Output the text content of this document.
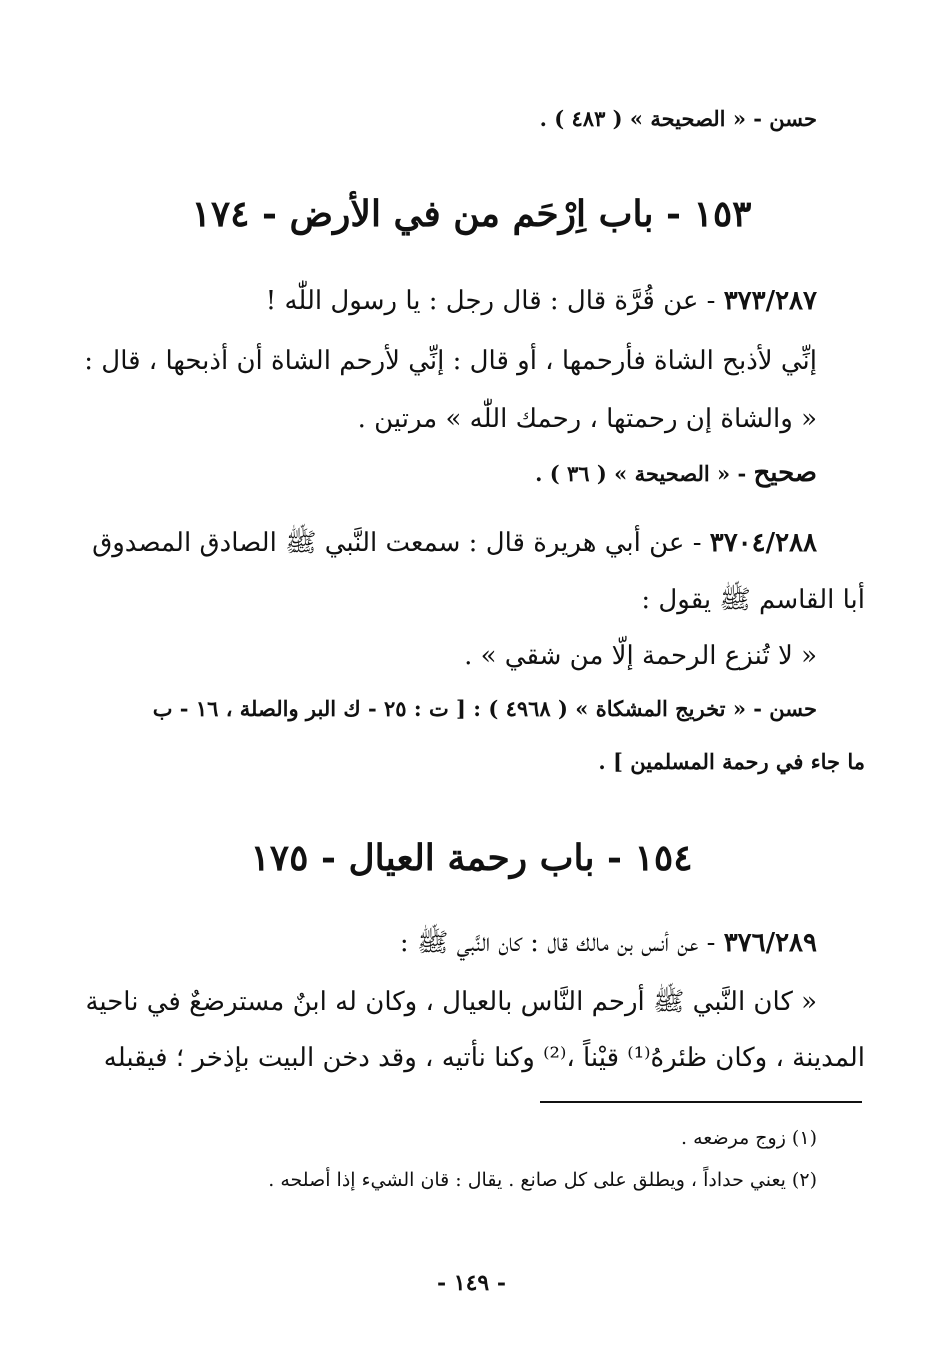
حسن - « الصحيحة » ( ٤٨٣ ) .
١٥٣ - باب اِرْحَم من في الأرض - ١٧٤
٣٧٣/٢٨٧ - عن قُرَّة قال : قال رجل : يا رسول اللّٰه !
إنِّي لأذبح الشاة فأرحمها ، أو قال : إنِّي لأرحم الشاة أن أذبحها ، قال :
« والشاة إن رحمتها ، رحمك اللّٰه » مرتين .
صحيح - « الصحيحة » ( ٣٦ ) .
٣٧٠٤/٢٨٨ - عن أبي هريرة قال : سمعت النَّبي ﷺ الصادق المصدوق
أبا القاسم ﷺ يقول :
« لا تُنزع الرحمة إلّا من شقي » .
حسن - « تخريج المشكاة » ( ٤٩٦٨ ) : [ ت : ٢٥ - ك البر والصلة ، ١٦ - ب
ما جاء في رحمة المسلمين ] .
١٥٤ - باب رحمة العيال - ١٧٥
٣٧٦/٢٨٩ - عن أنس بن مالك قال : كان النَّبي ﷺ :
« كان النَّبي ﷺ أرحم النَّاس بالعيال ، وكان له ابنٌ مسترضعٌ في ناحية
المدينة ، وكان ظئرهُ⁽¹⁾ قيْناً ،⁽²⁾ وكنا نأتيه ، وقد دخن البيت بإذخر ؛ فيقبله
(١) زوج مرضعه .
(٢) يعني حداداً ، ويطلق على كل صانع . يقال : قان الشيء إذا أصلحه .
- ١٤٩ -
